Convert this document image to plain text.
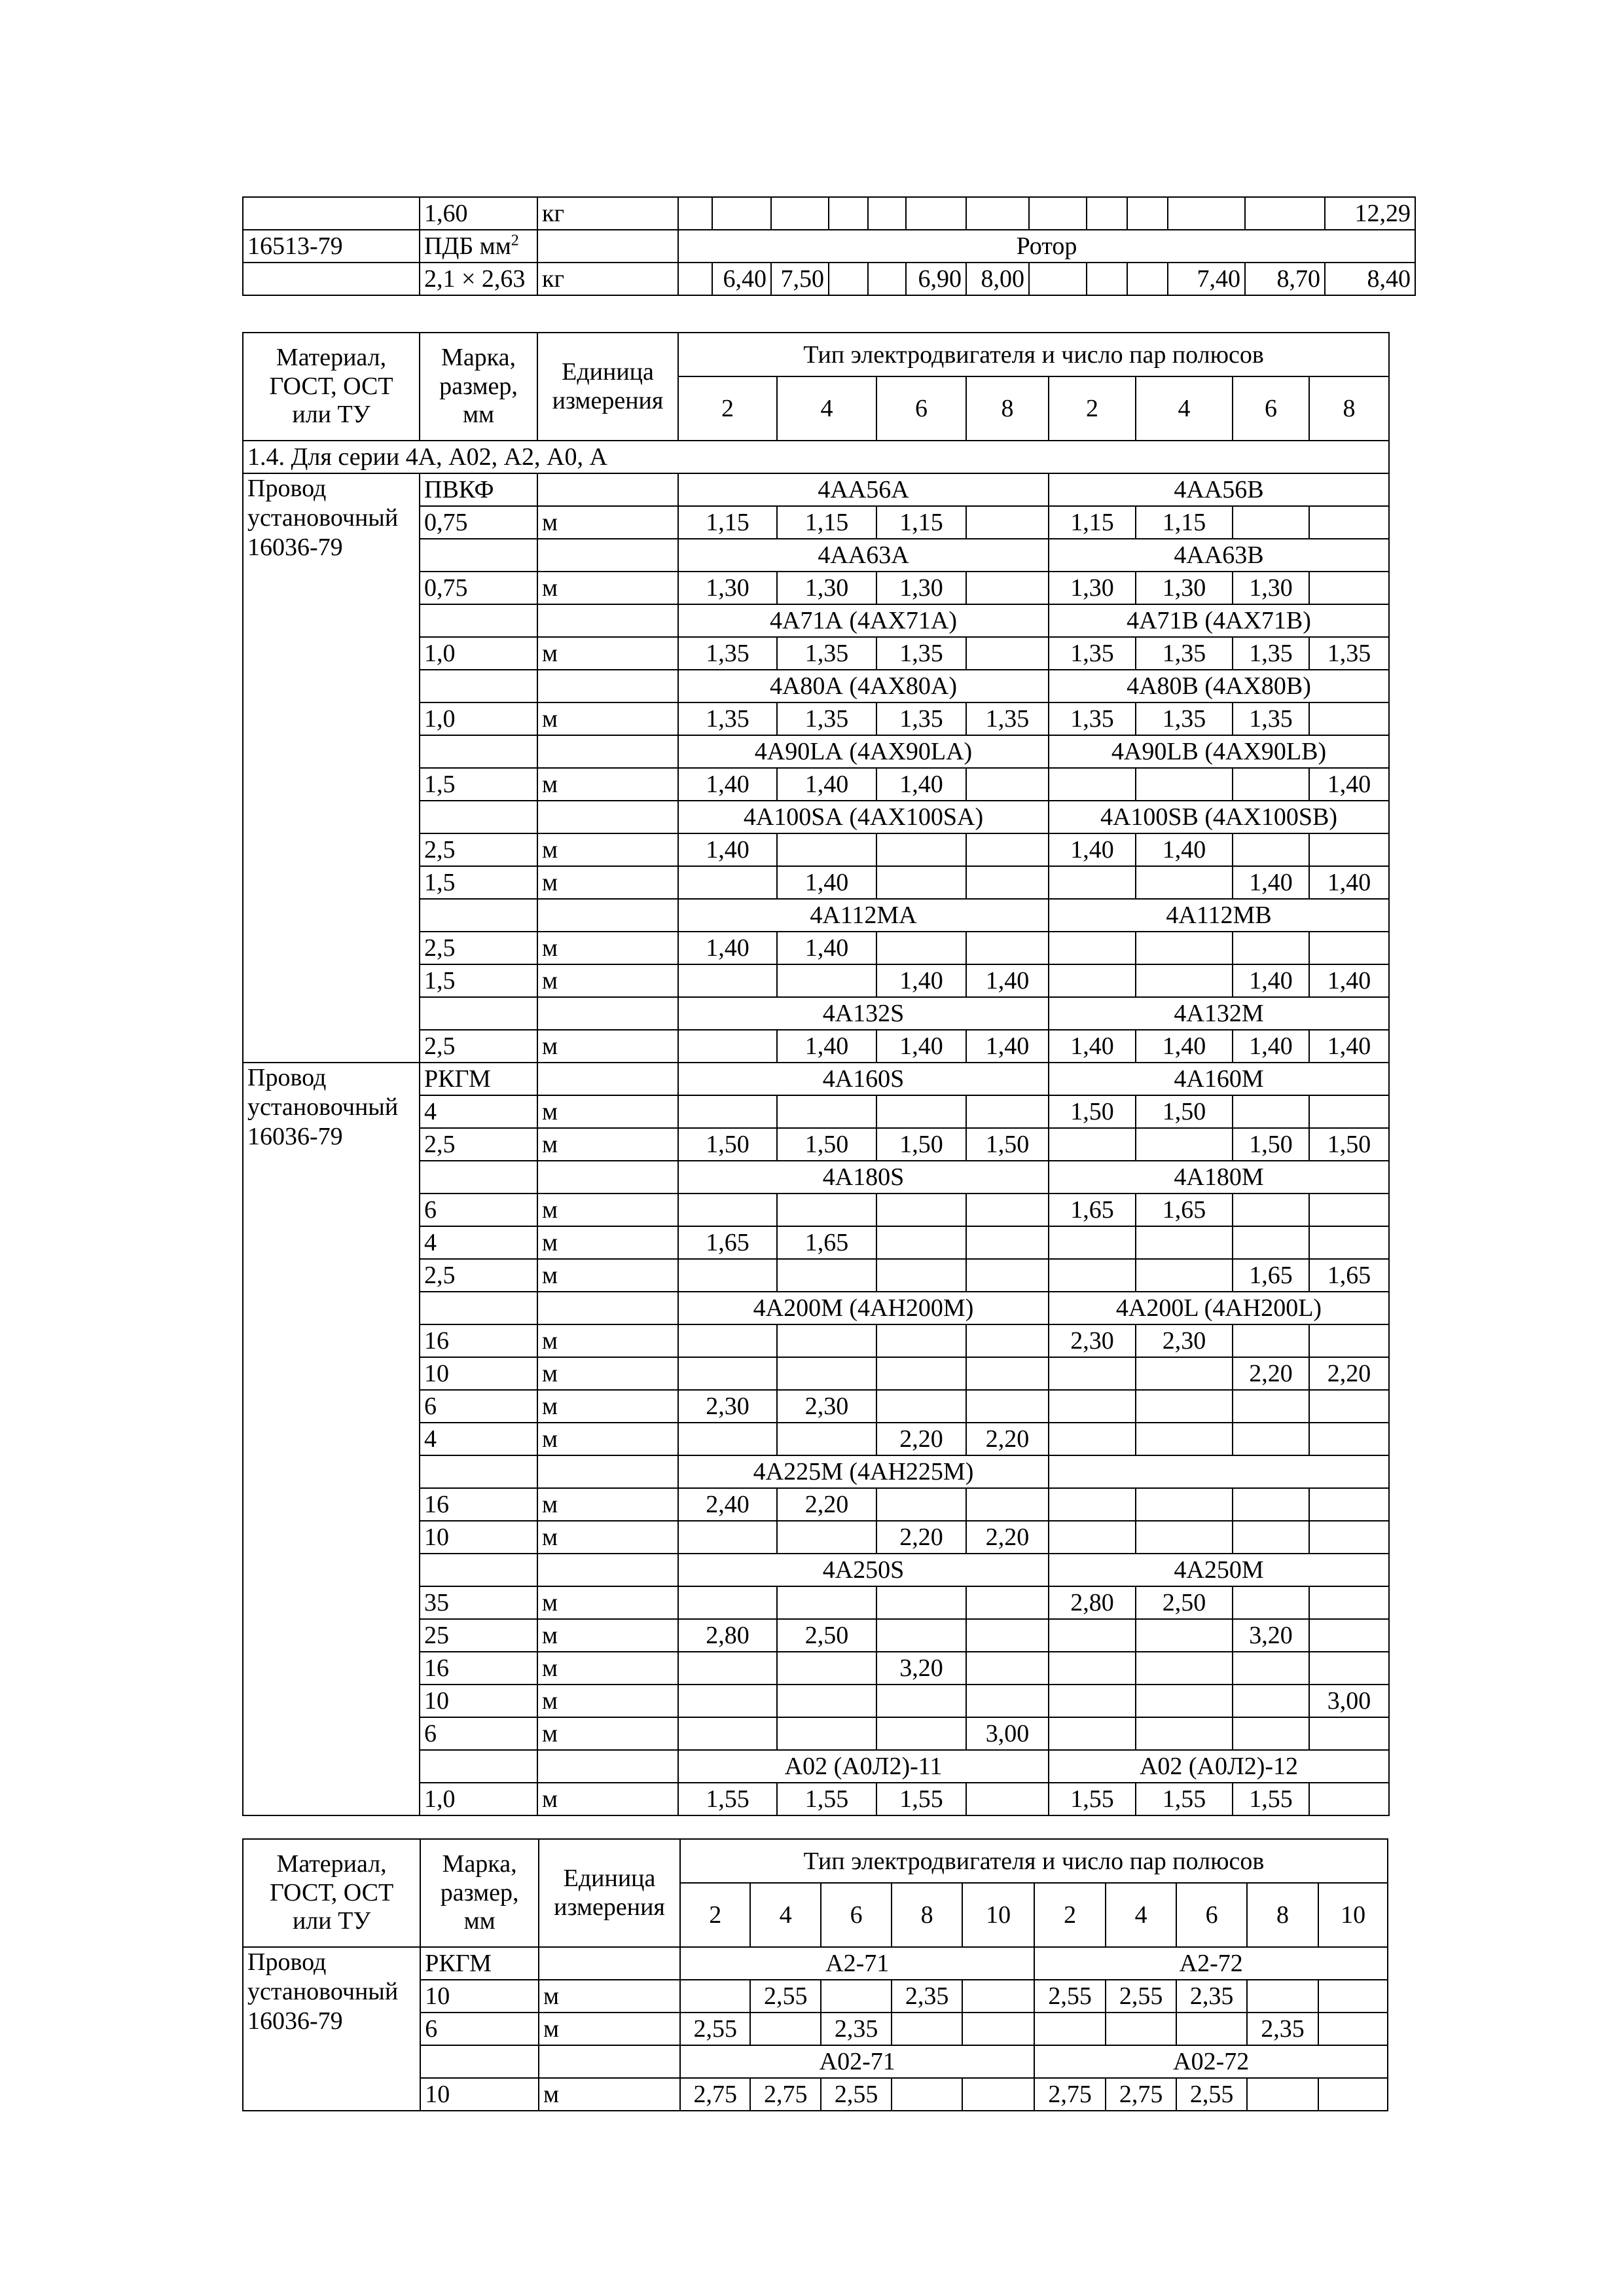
	1,60	кг													12,29	
16513-79	ПДБ $мм^2$		Ротор													
	2,1 × 2,63	кг		6,40	7,50			6,90	8,00				7,40	8,70	8,40	
Материал, ГОСТ, ОСТ или ТУ	Марка, размер, мм	Единица измерения	Тип электродвигателя и число пар полюсов							
			2	4	6	8	2	4	6	8
1.4. Для серии 4А, А02, А2, А0, А										
Провод установочный 16036-79	ПВКФ		4АА56А				4АА56В			
	0,75	м	1,15	1,15	1,15		1,15	1,15		
			4АА63А				4АА63В			
	0,75	м	1,30	1,30	1,30		1,30	1,30	1,30	
			4А71А (4АХ71А)				4А71В (4АХ71В)			
	1,0	м	1,35	1,35	1,35		1,35	1,35	1,35	1,35
			4А80А (4АХ80А)				4А80В (4АХ80В)			
	1,0	м	1,35	1,35	1,35	1,35	1,35	1,35	1,35	
			4А90LА (4АХ90LА)				4А90LВ (4АХ90LВ)			
	1,5	м	1,40	1,40	1,40					1,40
			4А100SА (4АХ100SА)				4А100SВ (4АХ100SВ)			
	2,5	м	1,40				1,40	1,40		
	1,5	м		1,40					1,40	1,40
			4А112МА				4А112МВ			
	2,5	м	1,40	1,40						
	1,5	м			1,40	1,40			1,40	1,40
			4А132S				4А132М			
	2,5	м		1,40	1,40	1,40	1,40	1,40	1,40	1,40
Провод установочный 16036-79	РКГМ		4А160S				4А160М			
	4	м					1,50	1,50		
	2,5	м	1,50	1,50	1,50	1,50			1,50	1,50
			4А180S				4А180М			
	6	м					1,65	1,65		
	4	м	1,65	1,65						
	2,5	м							1,65	1,65
			4А200М (4АН200М)				4А200L (4АН200L)			
	16	м					2,30	2,30		
	10	м							2,20	2,20
	6	м	2,30	2,30						
	4	м			2,20	2,20				
			4А225М (4АН225М)							
	16	м	2,40	2,20						
	10	м			2,20	2,20				
			4А250S				4А250М			
	35	м					2,80	2,50		
	25	м	2,80	2,50					3,20	
	16	м			3,20					
	10	м								3,00
	6	м				3,00				
			А02 (А0Л2)-11				А02 (А0Л2)-12			
	1,0	м	1,55	1,55	1,55		1,55	1,55	1,55	
Материал, ГОСТ, ОСТ или ТУ	Марка, размер, мм	Единица измерения	Тип электродвигателя и число пар полюсов									
			2	4	6	8	10	2	4	6	8	10
Провод установочный 16036-79	РКГМ		А2-71					А2-72				
	10	м		2,55		2,35		2,55	2,55	2,35		
	6	м	2,55		2,35						2,35	
			А02-71					А02-72				
	10	м	2,75	2,75	2,55			2,75	2,75	2,55		
